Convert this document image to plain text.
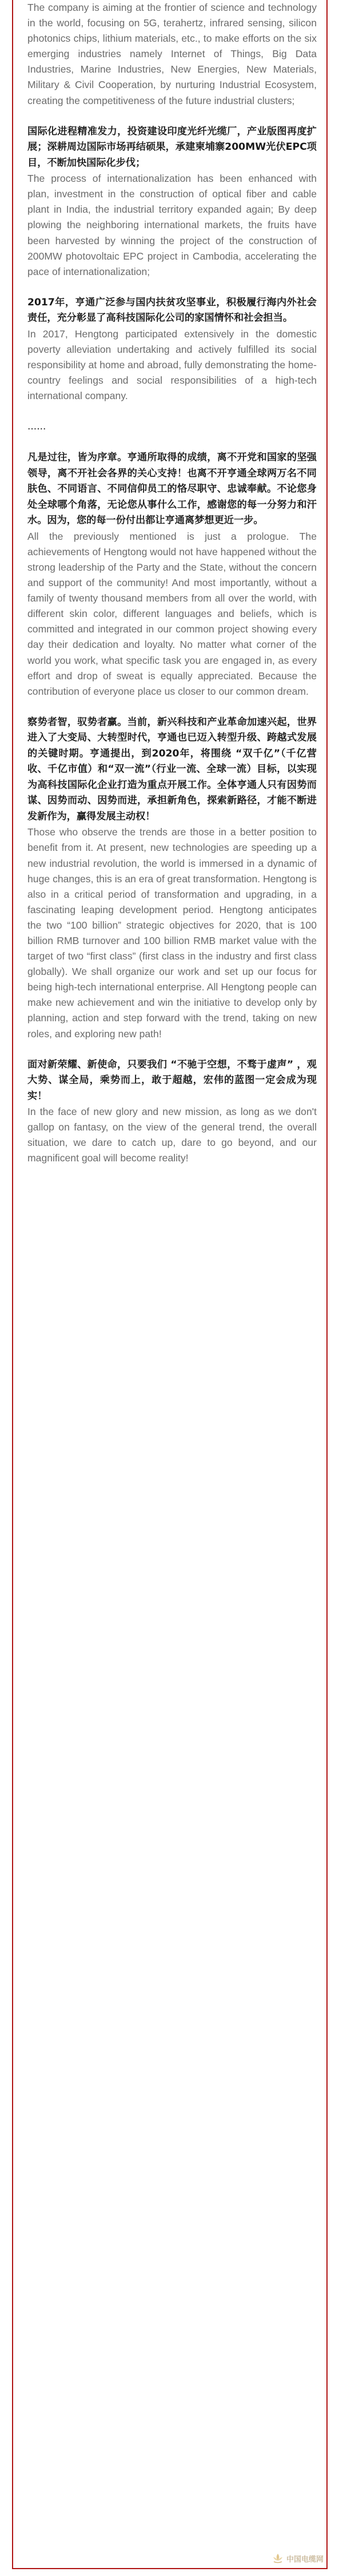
The company is aiming at the frontier of science and technology in the world, focusing on 5G, terahertz, infrared sensing, silicon photonics chips, lithium materials, etc., to make efforts on the six emerging industries namely Internet of Things, Big Data Industries, Marine Industries, New Energies, New Materials, Military & Civil Cooperation, by nurturing Industrial Ecosystem, creating the competitiveness of the future industrial clusters;

国际化进程精准发力，投资建设印度光纤光缆厂，产业版图再度扩展；深耕周边国际市场再结硕果，承建柬埔寨200MW光伏EPC项目，不断加快国际化步伐；

The process of internationalization has been enhanced with plan, investment in the construction of optical fiber and cable plant in India, the industrial territory expanded again; By deep plowing the neighboring international markets, the fruits have been harvested by winning the project of the construction of 200MW photovoltaic EPC project in Cambodia, accelerating the pace of internationalization;

2017年，亨通广泛参与国内扶贫攻坚事业，积极履行海内外社会责任，充分彰显了高科技国际化公司的家国情怀和社会担当。

In 2017, Hengtong participated extensively in the domestic poverty alleviation undertaking and actively fulfilled its social responsibility at home and abroad, fully demonstrating the home-country feelings and social responsibilities of a high-tech international company.

......

凡是过往，皆为序章。亨通所取得的成绩，离不开党和国家的坚强领导，离不开社会各界的关心支持！也离不开亨通全球两万名不同肤色、不同语言、不同信仰员工的恪尽职守、忠诚奉献。不论您身处全球哪个角落，无论您从事什么工作，感谢您的每一分努力和汗水。因为，您的每一份付出都让亨通离梦想更近一步。

All the previously mentioned is just a prologue. The achievements of Hengtong would not have happened without the strong leadership of the Party and the State, without the concern and support of the community! And most importantly, without a family of twenty thousand members from all over the world, with different skin color, different languages and beliefs, which is committed and integrated in our common project showing every day their dedication and loyalty. No matter what corner of the world you work, what specific task you are engaged in, as every effort and drop of sweat is equally appreciated. Because the contribution of everyone place us closer to our common dream.

察势者智，驭势者赢。当前，新兴科技和产业革命加速兴起，世界进入了大变局、大转型时代，亨通也已迈入转型升级、跨越式发展的关键时期。亨通提出，到2020年，将围绕 “双千亿”（千亿营收、千亿市值）和“双一流”（行业一流、全球一流）目标，以实现为高科技国际化企业打造为重点开展工作。全体亨通人只有因势而谋、因势而动、因势而进，承担新角色，探索新路径，才能不断进发新作为，赢得发展主动权！

Those who observe the trends are those in a better position to benefit from it. At present, new technologies are speeding up a new industrial revolution, the world is immersed in a dynamic of huge changes, this is an era of great transformation. Hengtong is also in a critical period of transformation and upgrading, in a fascinating leaping development period. Hengtong anticipates the two “100 billion” strategic objectives for 2020, that is 100 billion RMB turnover and 100 billion RMB market value with the target of two “first class” (first class in the industry and first class globally). We shall organize our work and set up our focus for being high-tech international enterprise. All Hengtong people can make new achievement and win the initiative to develop only by planning, action and step forward with the trend, taking on new roles, and exploring new path!

面对新荣耀、新使命，只要我们 “不驰于空想，不骛于虚声” ，观大势、谋全局，乘势而上，敢于超越，宏伟的蓝图一定会成为现实！

In the face of new glory and new mission, as long as we don't gallop on fantasy, on the view of the general trend, the overall situation, we dare to catch up, dare to go beyond, and our magnificent goal will become reality!

中国电缆网
